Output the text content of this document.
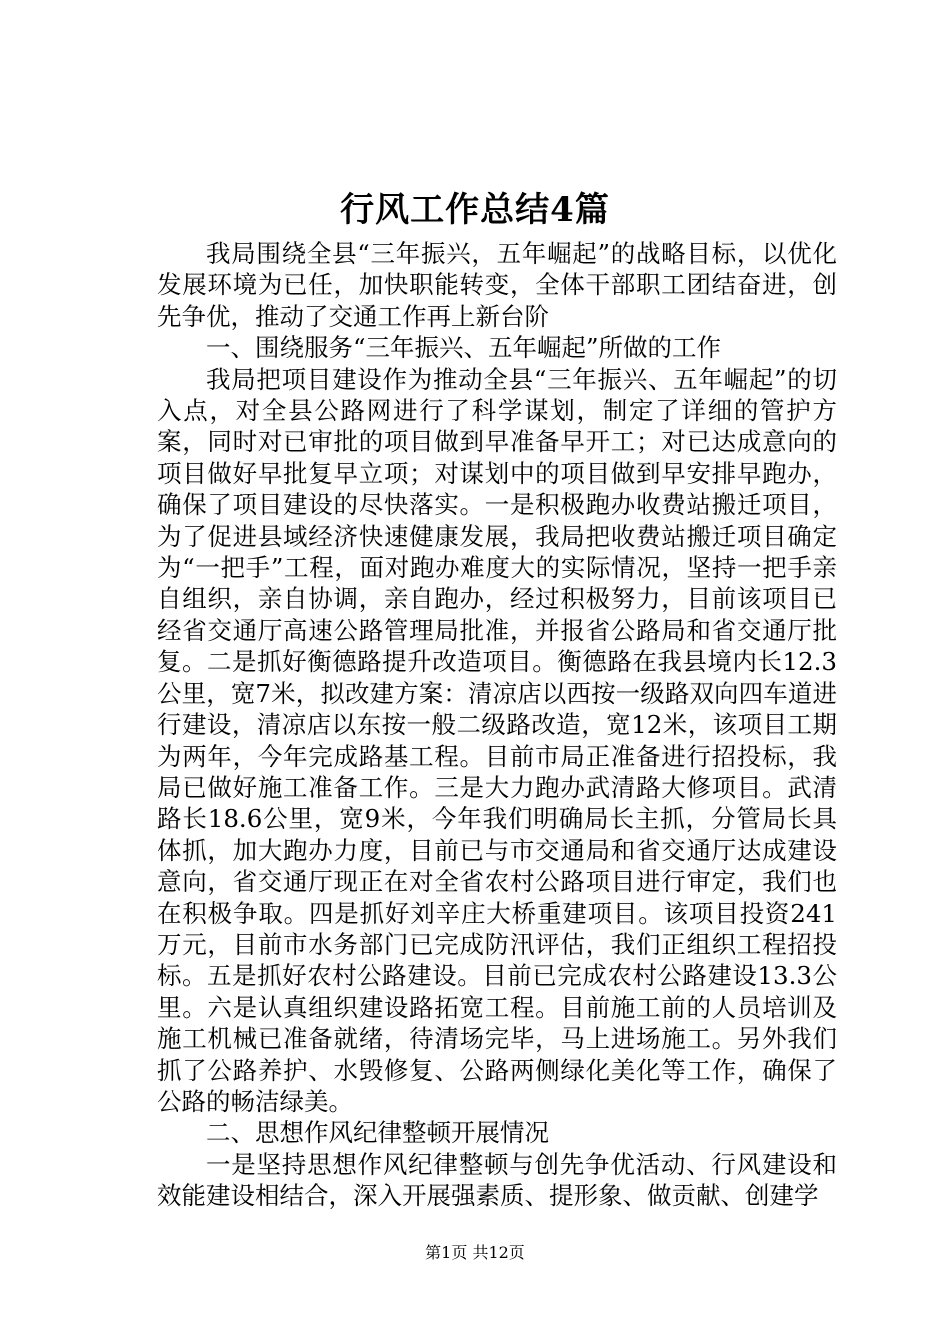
行风工作总结4篇

我局围绕全县“三年振兴，五年崛起”的战略目标，以优化发展环境为已任，加快职能转变，全体干部职工团结奋进，创先争优，推动了交通工作再上新台阶

一、围绕服务“三年振兴、五年崛起”所做的工作

我局把项目建设作为推动全县“三年振兴、五年崛起”的切入点，对全县公路网进行了科学谋划，制定了详细的管护方案，同时对已审批的项目做到早准备早开工；对已达成意向的项目做好早批复早立项；对谋划中的项目做到早安排早跑办，确保了项目建设的尽快落实。一是积极跑办收费站搬迁项目，为了促进县域经济快速健康发展，我局把收费站搬迁项目确定为“一把手”工程，面对跑办难度大的实际情况，坚持一把手亲自组织，亲自协调，亲自跑办，经过积极努力，目前该项目已经省交通厅高速公路管理局批准，并报省公路局和省交通厅批复。二是抓好衡德路提升改造项目。衡德路在我县境内长12.3公里，宽7米，拟改建方案：清凉店以西按一级路双向四车道进行建设，清凉店以东按一般二级路改造，宽12米，该项目工期为两年，今年完成路基工程。目前市局正准备进行招投标，我局已做好施工准备工作。三是大力跑办武清路大修项目。武清路长18.6公里，宽9米，今年我们明确局长主抓，分管局长具体抓，加大跑办力度，目前已与市交通局和省交通厅达成建设意向，省交通厅现正在对全省农村公路项目进行审定，我们也在积极争取。四是抓好刘辛庄大桥重建项目。该项目投资241万元，目前市水务部门已完成防汛评估，我们正组织工程招投标。五是抓好农村公路建设。目前已完成农村公路建设13.3公里。六是认真组织建设路拓宽工程。目前施工前的人员培训及施工机械已准备就绪，待清场完毕，马上进场施工。另外我们抓了公路养护、水毁修复、公路两侧绿化美化等工作，确保了公路的畅洁绿美。

二、思想作风纪律整顿开展情况

一是坚持思想作风纪律整顿与创先争优活动、行风建设和效能建设相结合，深入开展强素质、提形象、做贡献、创建学

第1页 共12页
